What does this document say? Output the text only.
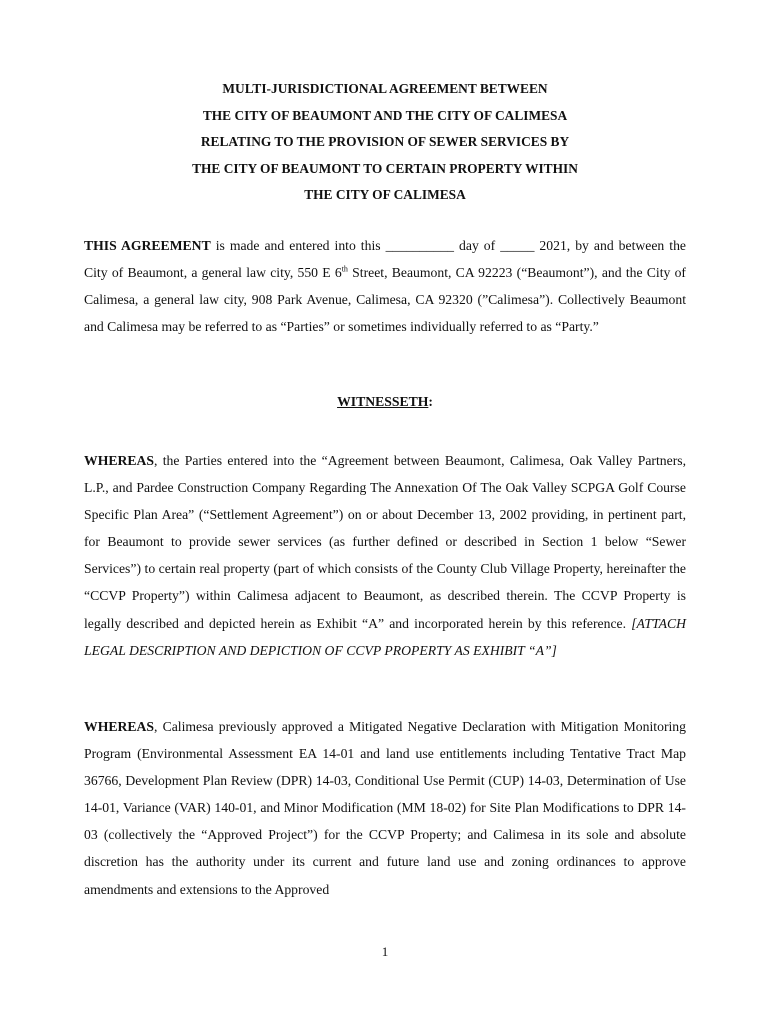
MULTI-JURISDICTIONAL AGREEMENT BETWEEN
THE CITY OF BEAUMONT AND THE CITY OF CALIMESA
RELATING TO THE PROVISION OF SEWER SERVICES BY
THE CITY OF BEAUMONT TO CERTAIN PROPERTY WITHIN
THE CITY OF CALIMESA

THIS AGREEMENT is made and entered into this __________ day of _____ 2021, by and between the City of Beaumont, a general law city, 550 E 6th Street, Beaumont, CA 92223 (“Beaumont”), and the City of Calimesa, a general law city, 908 Park Avenue, Calimesa, CA 92320 (”Calimesa”). Collectively Beaumont and Calimesa may be referred to as “Parties” or sometimes individually referred to as “Party.”

WITNESSETH:

WHEREAS, the Parties entered into the “Agreement between Beaumont, Calimesa, Oak Valley Partners, L.P., and Pardee Construction Company Regarding The Annexation Of The Oak Valley SCPGA Golf Course Specific Plan Area” (“Settlement Agreement”) on or about December 13, 2002 providing, in pertinent part, for Beaumont to provide sewer services (as further defined or described in Section 1 below “Sewer Services”) to certain real property (part of which consists of the County Club Village Property, hereinafter the “CCVP Property”) within Calimesa adjacent to Beaumont, as described therein. The CCVP Property is legally described and depicted herein as Exhibit “A” and incorporated herein by this reference. [ATTACH LEGAL DESCRIPTION AND DEPICTION OF CCVP PROPERTY AS EXHIBIT “A”]

WHEREAS, Calimesa previously approved a Mitigated Negative Declaration with Mitigation Monitoring Program (Environmental Assessment EA 14-01 and land use entitlements including Tentative Tract Map 36766, Development Plan Review (DPR) 14-03, Conditional Use Permit (CUP) 14-03, Determination of Use 14-01, Variance (VAR) 140-01, and Minor Modification (MM 18-02) for Site Plan Modifications to DPR 14-03 (collectively the “Approved Project”) for the CCVP Property; and Calimesa in its sole and absolute discretion has the authority under its current and future land use and zoning ordinances to approve amendments and extensions to the Approved

1
